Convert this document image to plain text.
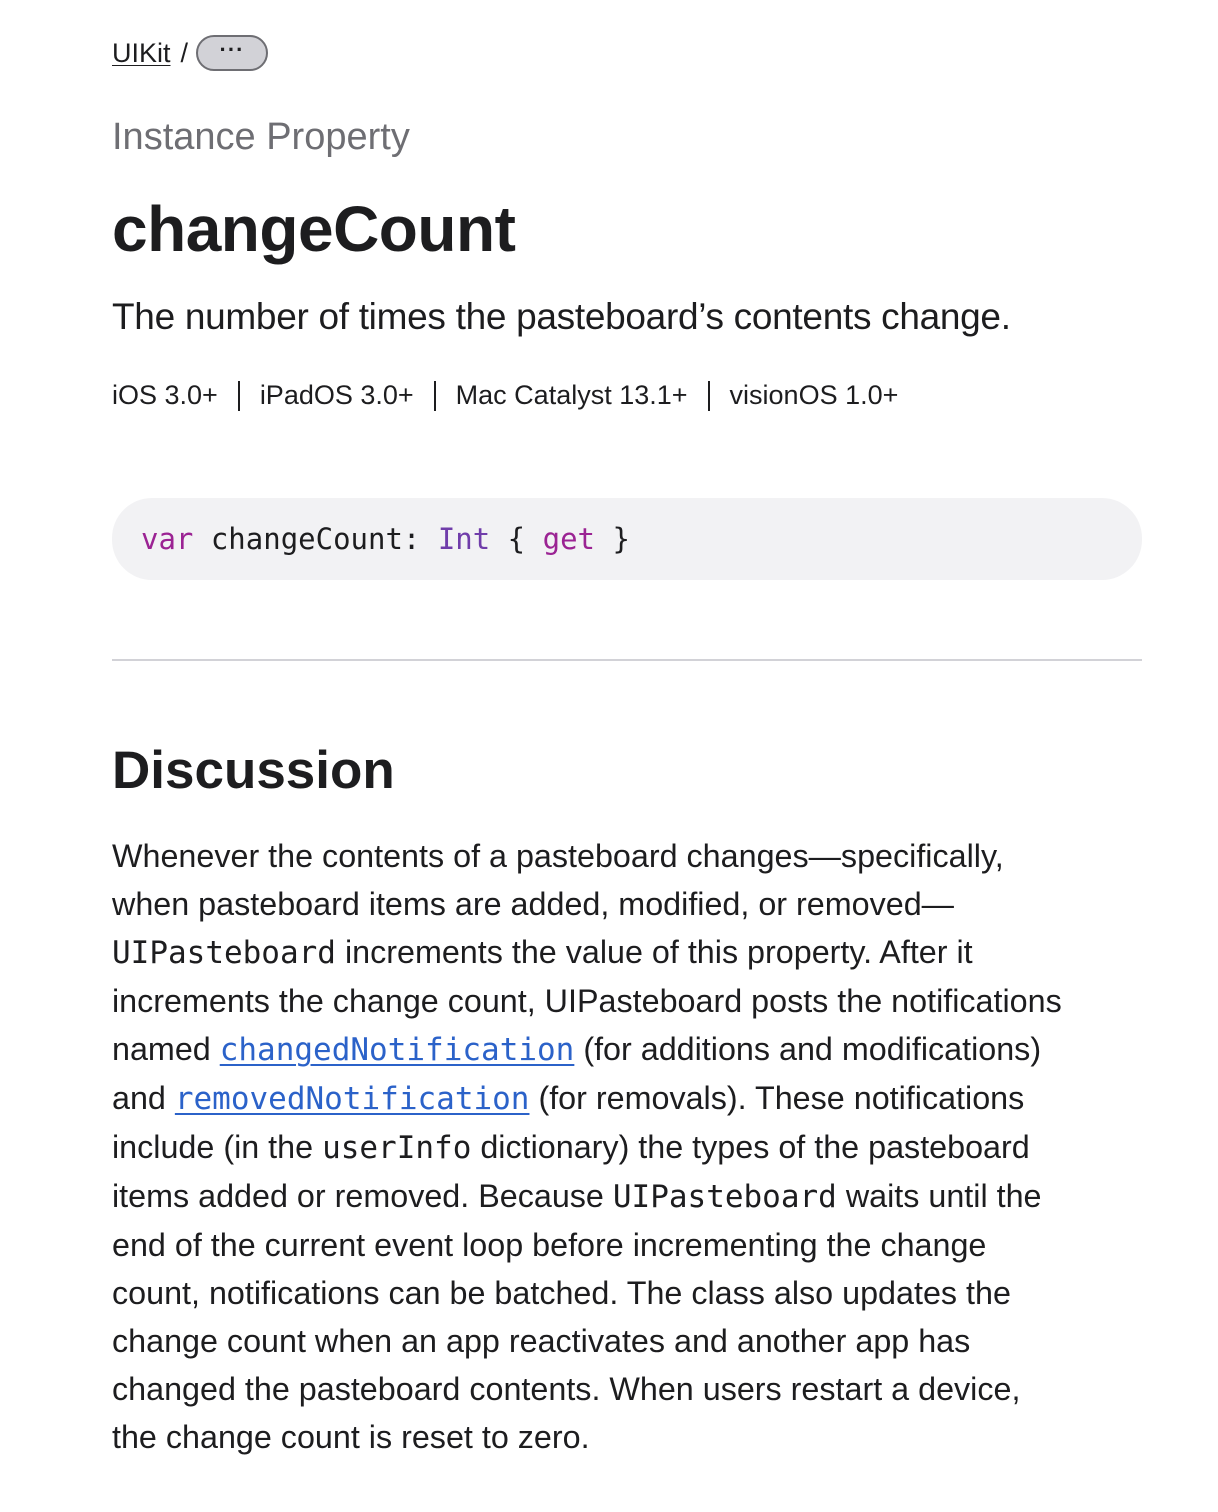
UIKit / ···
Instance Property
changeCount
The number of times the pasteboard’s contents change.
iOS 3.0+ iPadOS 3.0+ Mac Catalyst 13.1+ visionOS 1.0+
var changeCount: Int { get }
Discussion
Whenever the contents of a pasteboard changes—specifically,
when pasteboard items are added, modified, or removed—
UIPasteboard increments the value of this property. After it
increments the change count, UIPasteboard posts the notifications
named changedNotification (for additions and modifications)
and removedNotification (for removals). These notifications
include (in the userInfo dictionary) the types of the pasteboard
items added or removed. Because UIPasteboard waits until the
end of the current event loop before incrementing the change
count, notifications can be batched. The class also updates the
change count when an app reactivates and another app has
changed the pasteboard contents. When users restart a device,
the change count is reset to zero.
